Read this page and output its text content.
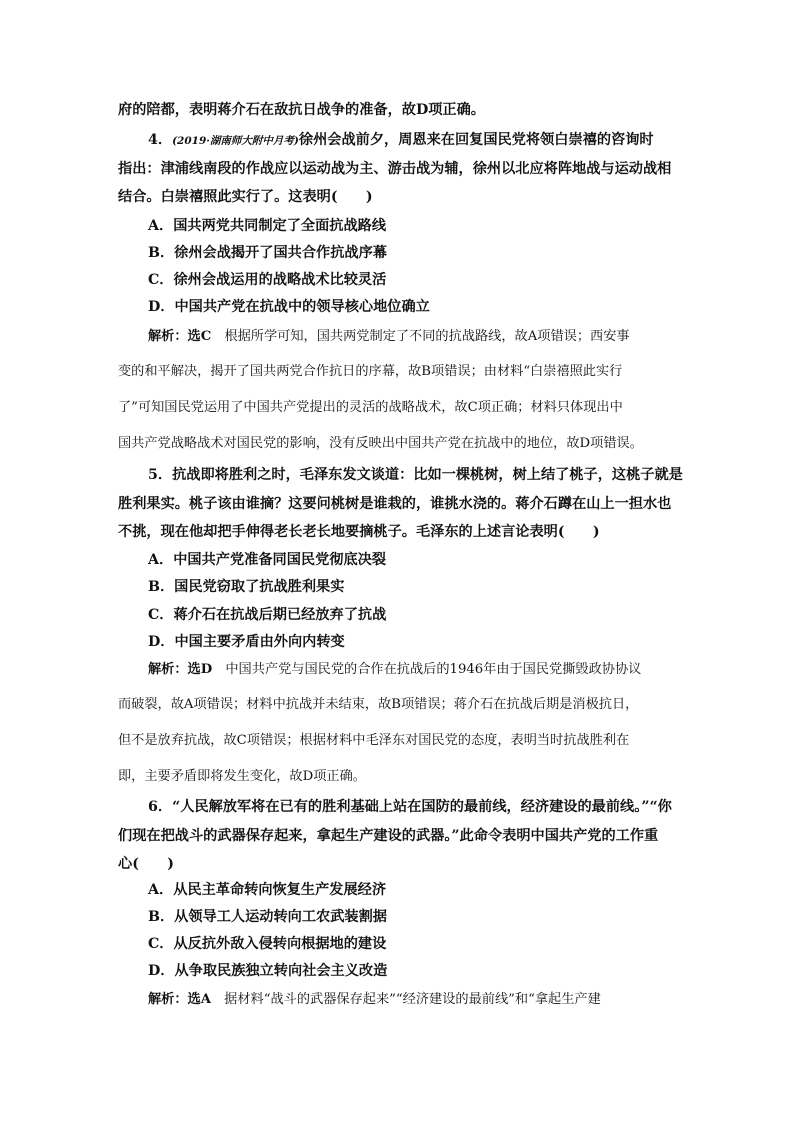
府的陪都，表明蒋介石在敌抗日战争的准备，故D项正确。
4．(2019·湖南师大附中月考)徐州会战前夕，周恩来在回复国民党将领白崇禧的咨询时
指出：津浦线南段的作战应以运动战为主、游击战为辅，徐州以北应将阵地战与运动战相
结合。白崇禧照此实行了。这表明(　　)
A．国共两党共同制定了全面抗战路线
B．徐州会战揭开了国共合作抗战序幕
C．徐州会战运用的战略战术比较灵活
D．中国共产党在抗战中的领导核心地位确立
解析：选C　 根据所学可知，国共两党制定了不同的抗战路线，故A项错误；西安事
变的和平解决，揭开了国共两党合作抗日的序幕，故B项错误；由材料“白崇禧照此实行
了”可知国民党运用了中国共产党提出的灵活的战略战术，故C项正确；材料只体现出中
国共产党战略战术对国民党的影响，没有反映出中国共产党在抗战中的地位，故D项错误。
5．抗战即将胜利之时，毛泽东发文谈道：比如一棵桃树，树上结了桃子，这桃子就是
胜利果实。桃子该由谁摘？这要问桃树是谁栽的，谁挑水浇的。蒋介石蹲在山上一担水也
不挑，现在他却把手伸得老长老长地要摘桃子。毛泽东的上述言论表明(　　)
A．中国共产党准备同国民党彻底决裂
B．国民党窃取了抗战胜利果实
C．蒋介石在抗战后期已经放弃了抗战
D．中国主要矛盾由外向内转变
解析：选D　 中国共产党与国民党的合作在抗战后的1946年由于国民党撕毁政协协议
而破裂，故A项错误；材料中抗战并未结束，故B项错误；蒋介石在抗战后期是消极抗日，
但不是放弃抗战，故C项错误；根据材料中毛泽东对国民党的态度，表明当时抗战胜利在
即，主要矛盾即将发生变化，故D项正确。
6．“人民解放军将在已有的胜利基础上站在国防的最前线，经济建设的最前线。”“你
们现在把战斗的武器保存起来，拿起生产建设的武器。”此命令表明中国共产党的工作重
心(　　)
A．从民主革命转向恢复生产发展经济
B．从领导工人运动转向工农武装割据
C．从反抗外敌入侵转向根据地的建设
D．从争取民族独立转向社会主义改造
解析：选A　 据材料“战斗的武器保存起来”“经济建设的最前线”和“拿起生产建
